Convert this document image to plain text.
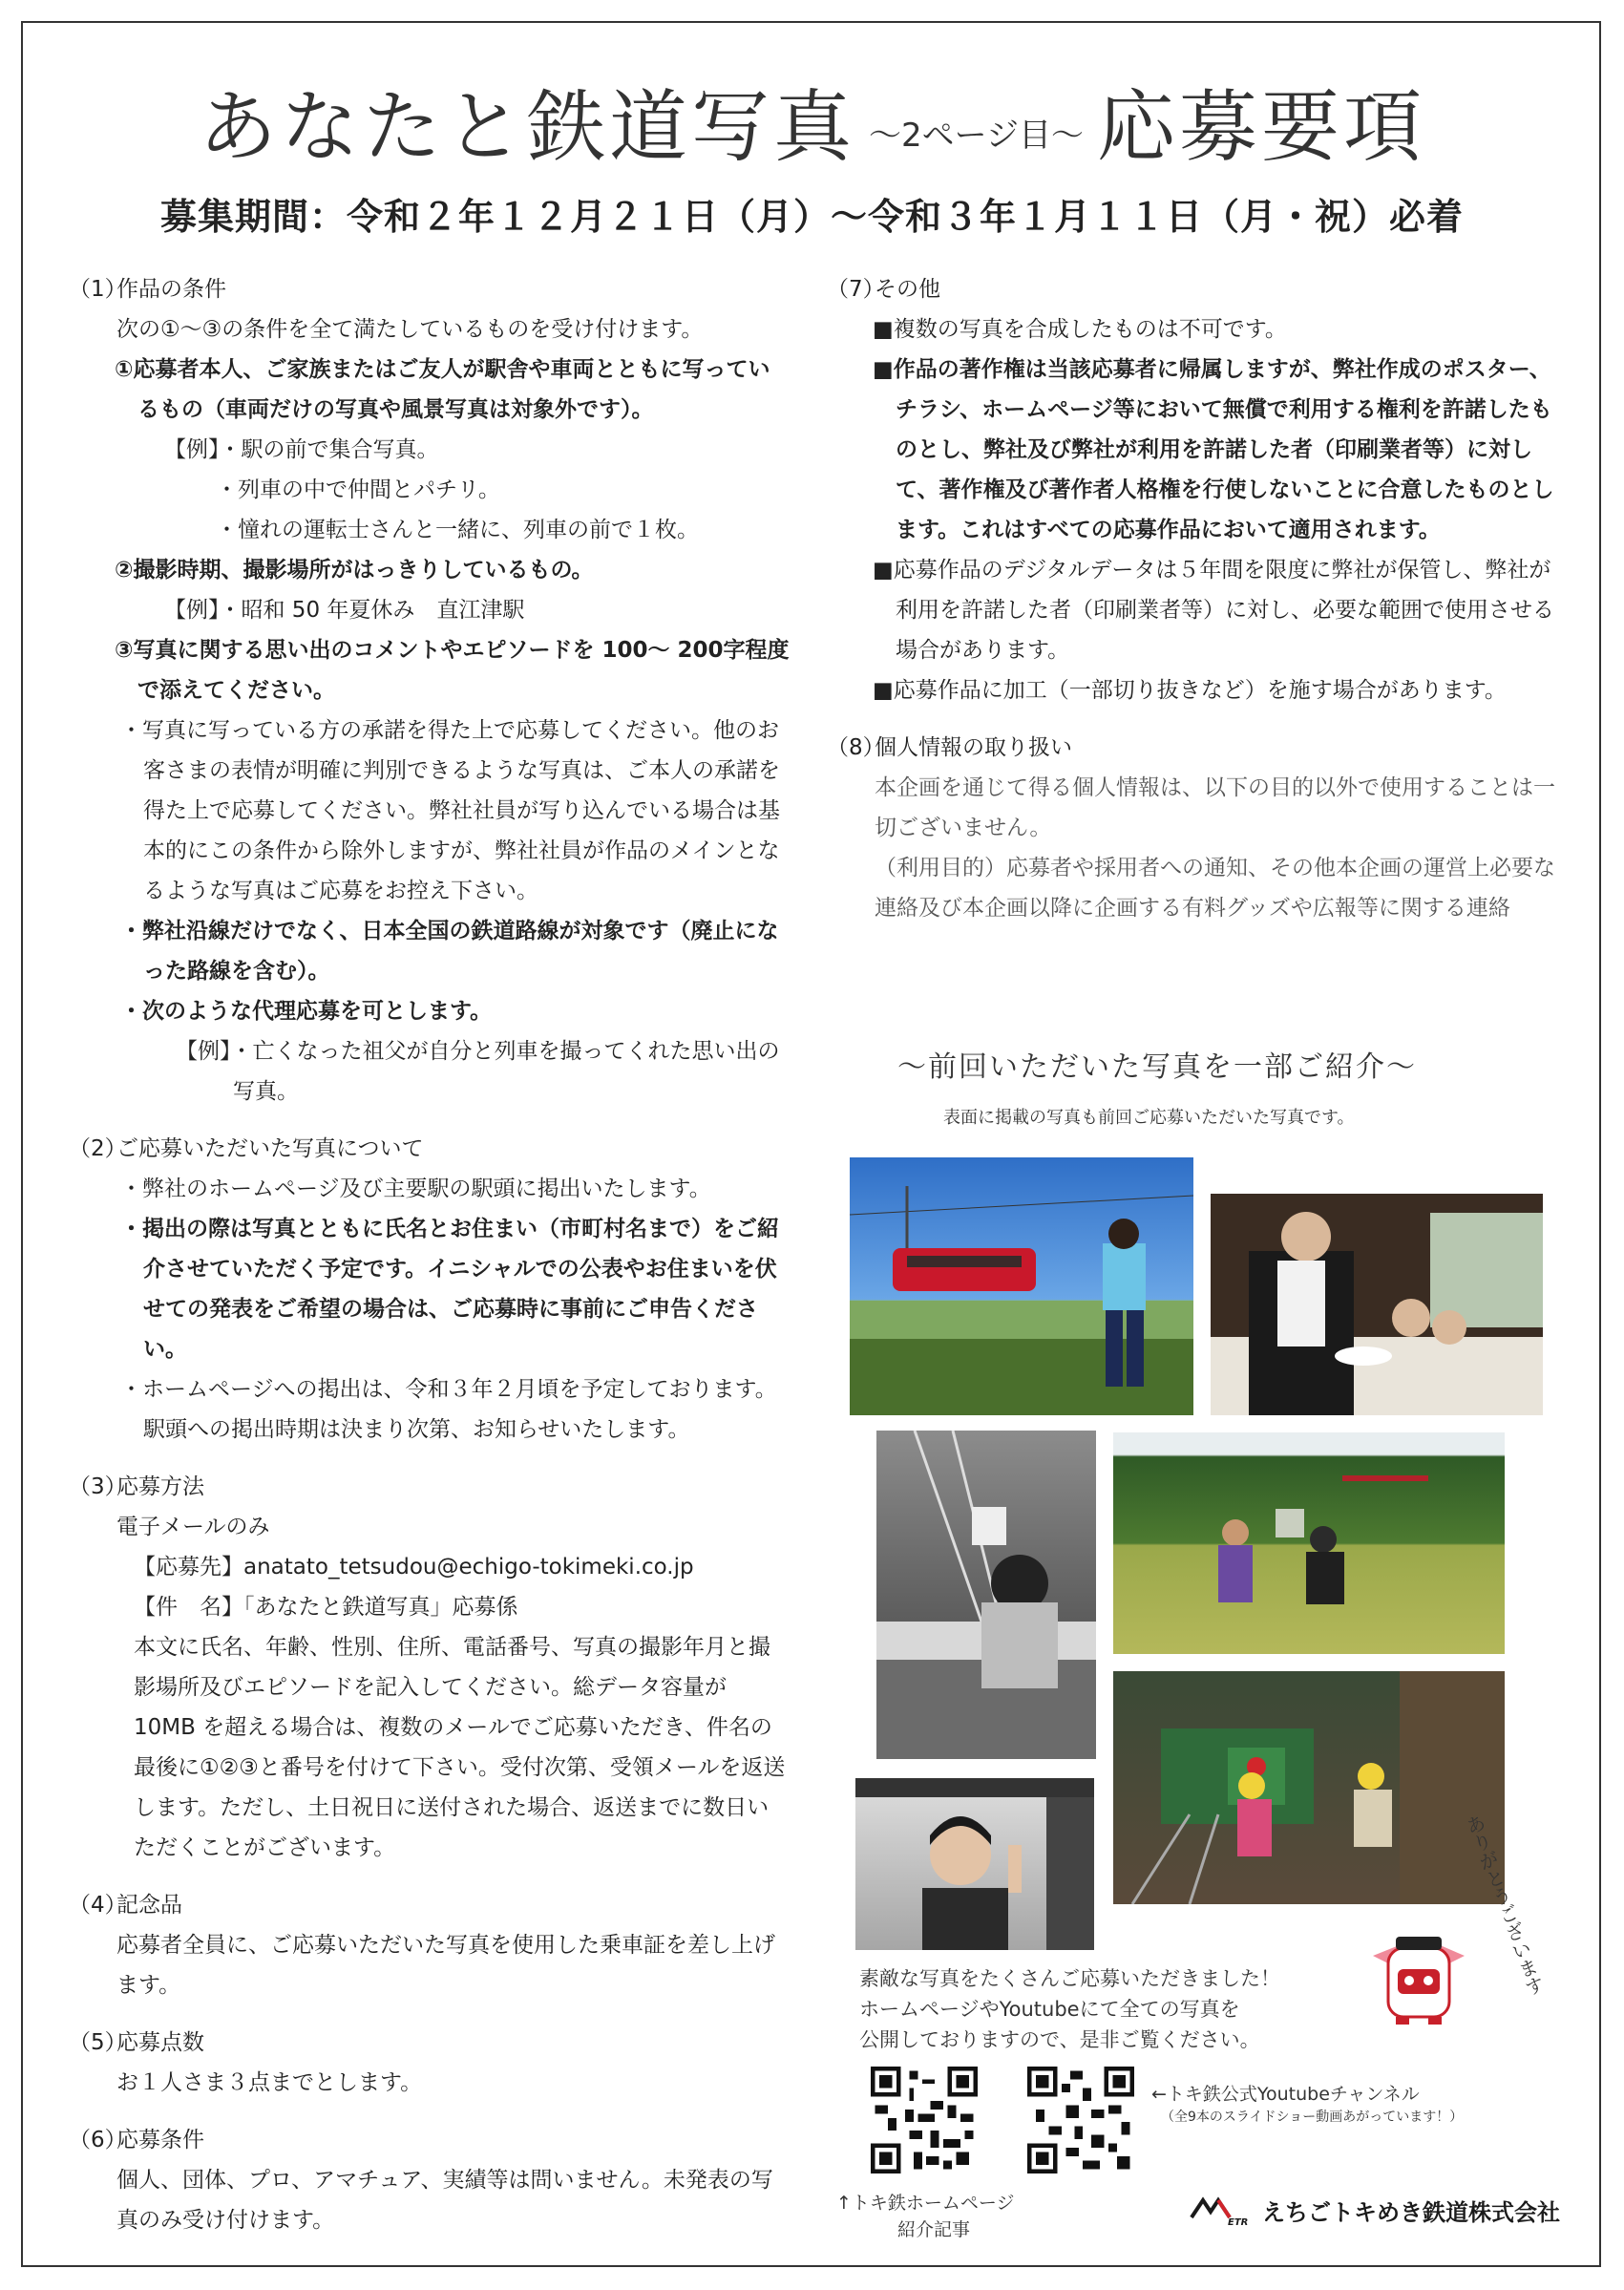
あなたと鉄道写真 $^{\sim 2ページ目\sim}$ 応募要項
募集期間：令和２年１２月２１日（月）～令和３年１月１１日（月・祝）必着

（1）作品の条件

次の①～③の条件を全て満たしているものを受け付けます。

①応募者本人、ご家族またはご友人が駅舎や車両とともに写っているもの（車両だけの写真や風景写真は対象外です）。

【例】・駅の前で集合写真。

・列車の中で仲間とパチリ。

・憧れの運転士さんと一緒に、列車の前で１枚。

②撮影時期、撮影場所がはっきりしているもの。

【例】・昭和 50 年夏休み　直江津駅

③写真に関する思い出のコメントやエピソードを 100～ 200字程度で添えてください。

・写真に写っている方の承諾を得た上で応募してください。他のお客さまの表情が明確に判別できるような写真は、ご本人の承諾を得た上で応募してください。弊社社員が写り込んでいる場合は基本的にこの条件から除外しますが、弊社社員が作品のメインとなるような写真はご応募をお控え下さい。

・弊社沿線だけでなく、日本全国の鉄道路線が対象です（廃止になった路線を含む）。

・次のような代理応募を可とします。

【例】・亡くなった祖父が自分と列車を撮ってくれた思い出の写真。

（2）ご応募いただいた写真について

・弊社のホームページ及び主要駅の駅頭に掲出いたします。

・掲出の際は写真とともに氏名とお住まい（市町村名まで）をご紹介させていただく予定です。イニシャルでの公表やお住まいを伏せての発表をご希望の場合は、ご応募時に事前にご申告ください。

・ホームページへの掲出は、令和３年２月頃を予定しております。駅頭への掲出時期は決まり次第、お知らせいたします。

（3）応募方法

電子メールのみ

【応募先】anatato_tetsudou@echigo-tokimeki.co.jp

【件　名】「あなたと鉄道写真」応募係

本文に氏名、年齢、性別、住所、電話番号、写真の撮影年月と撮影場所及びエピソードを記入してください。総データ容量が 10MB を超える場合は、複数のメールでご応募いただき、件名の最後に①②③と番号を付けて下さい。受付次第、受領メールを返送します。ただし、土日祝日に送付された場合、返送までに数日いただくことがございます。

（4）記念品

応募者全員に、ご応募いただいた写真を使用した乗車証を差し上げます。

（5）応募点数

お１人さま３点までとします。

（6）応募条件

個人、団体、プロ、アマチュア、実績等は問いません。未発表の写真のみ受け付けます。

（7）その他

■複数の写真を合成したものは不可です。

■作品の著作権は当該応募者に帰属しますが、弊社作成のポスター、チラシ、ホームページ等において無償で利用する権利を許諾したものとし、弊社及び弊社が利用を許諾した者（印刷業者等）に対して、著作権及び著作者人格権を行使しないことに合意したものとします。これはすべての応募作品において適用されます。

■応募作品のデジタルデータは５年間を限度に弊社が保管し、弊社が利用を許諾した者（印刷業者等）に対し、必要な範囲で使用させる場合があります。

■応募作品に加工（一部切り抜きなど）を施す場合があります。

（8）個人情報の取り扱い

本企画を通じて得る個人情報は、以下の目的以外で使用することは一切ございません。

（利用目的）応募者や採用者への通知、その他本企画の運営上必要な連絡及び本企画以降に企画する有料グッズや広報等に関する連絡

～前回いただいた写真を一部ご紹介～
表面に掲載の写真も前回ご応募いただいた写真です。
素敵な写真をたくさんご応募いただきました！
ホームページやYoutubeにて全ての写真を
公開しておりますので、是非ご覧ください。
ありがとうございます
←トキ鉄公式Youtubeチャンネル
（全9本のスライドショー動画あがっています！）
↑トキ鉄ホームページ
紹介記事	ETR えちごトキめき鉄道株式会社
